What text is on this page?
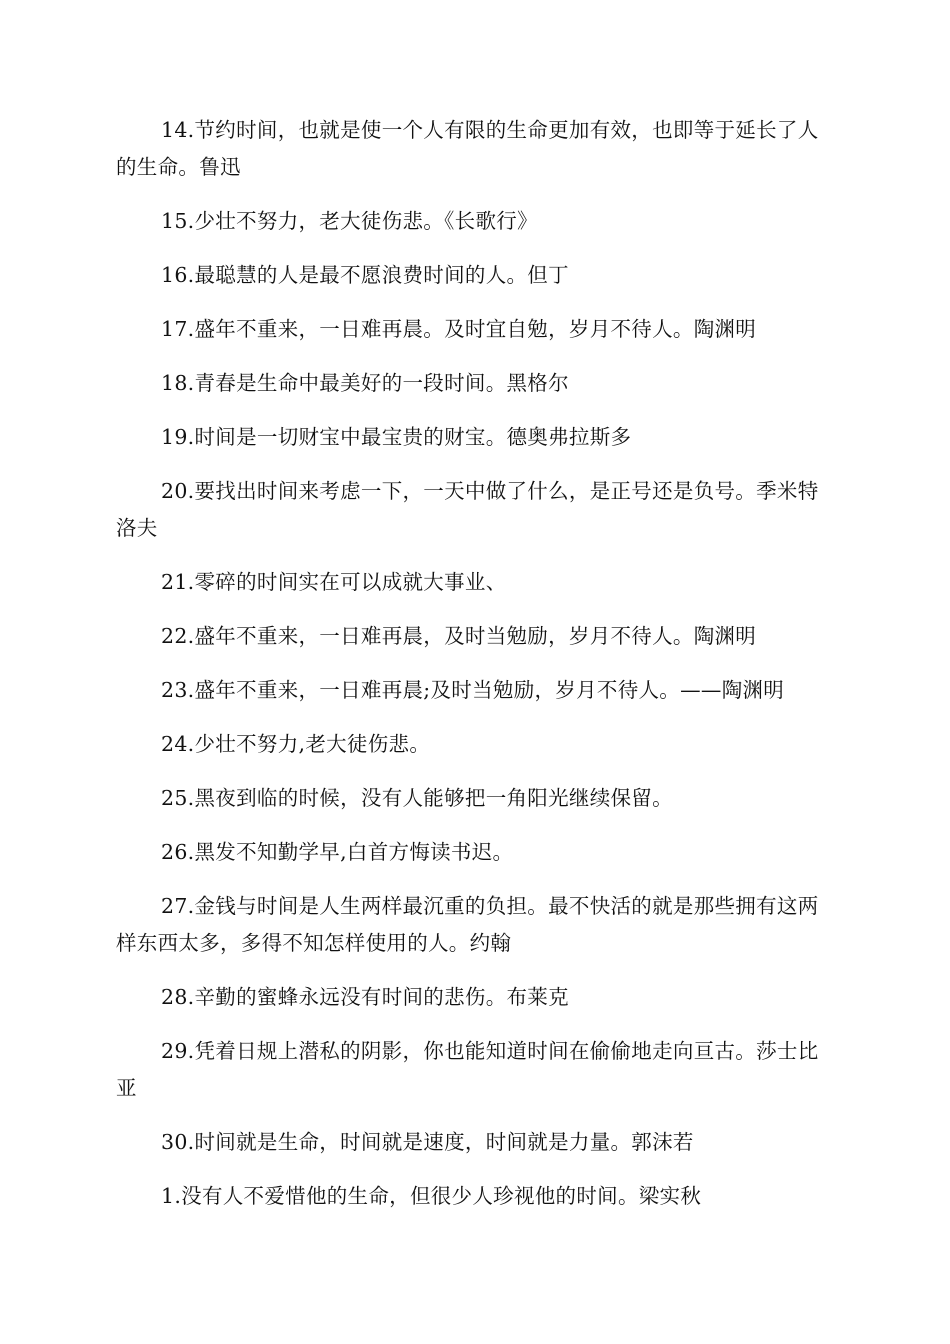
14.节约时间，也就是使一个人有限的生命更加有效，也即等于延长了人的生命。鲁迅

15.少壮不努力，老大徒伤悲。《长歌行》

16.最聪慧的人是最不愿浪费时间的人。但丁

17.盛年不重来，一日难再晨。及时宜自勉，岁月不待人。陶渊明

18.青春是生命中最美好的一段时间。黑格尔

19.时间是一切财宝中最宝贵的财宝。德奥弗拉斯多

20.要找出时间来考虑一下，一天中做了什么，是正号还是负号。季米特洛夫

21.零碎的时间实在可以成就大事业、

22.盛年不重来，一日难再晨，及时当勉励，岁月不待人。陶渊明

23.盛年不重来，一日难再晨;及时当勉励，岁月不待人。——陶渊明

24.少壮不努力,老大徒伤悲。

25.黑夜到临的时候，没有人能够把一角阳光继续保留。

26.黑发不知勤学早,白首方悔读书迟。

27.金钱与时间是人生两样最沉重的负担。最不快活的就是那些拥有这两样东西太多，多得不知怎样使用的人。约翰

28.辛勤的蜜蜂永远没有时间的悲伤。布莱克

29.凭着日规上潜私的阴影，你也能知道时间在偷偷地走向亘古。莎士比亚

30.时间就是生命，时间就是速度，时间就是力量。郭沫若

1.没有人不爱惜他的生命，但很少人珍视他的时间。梁实秋
